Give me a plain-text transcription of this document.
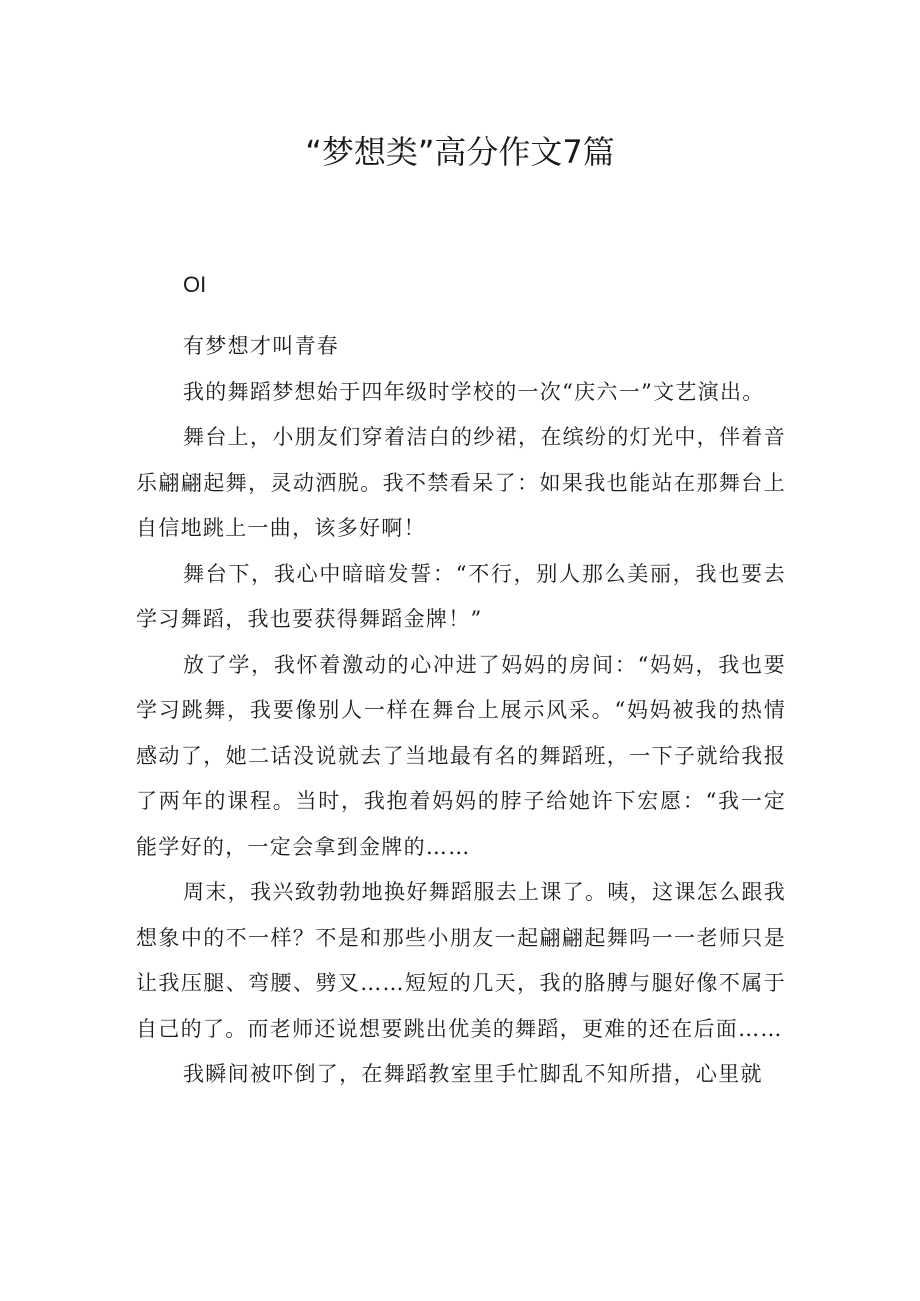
“梦想类”高分作文7篇
OI

有梦想才叫青春

我的舞蹈梦想始于四年级时学校的一次“庆六一”文艺演出。

舞台上，小朋友们穿着洁白的纱裙，在缤纷的灯光中，伴着音乐翩翩起舞，灵动洒脱。我不禁看呆了：如果我也能站在那舞台上自信地跳上一曲，该多好啊！

舞台下，我心中暗暗发誓：“不行，别人那么美丽，我也要去学习舞蹈，我也要获得舞蹈金牌！”

放了学，我怀着激动的心冲进了妈妈的房间：“妈妈，我也要学习跳舞，我要像别人一样在舞台上展示风采。“妈妈被我的热情感动了，她二话没说就去了当地最有名的舞蹈班，一下子就给我报了两年的课程。当时，我抱着妈妈的脖子给她许下宏愿：“我一定能学好的，一定会拿到金牌的……

周末，我兴致勃勃地换好舞蹈服去上课了。咦，这课怎么跟我想象中的不一样？不是和那些小朋友一起翩翩起舞吗一一老师只是让我压腿、弯腰、劈叉……短短的几天，我的胳膊与腿好像不属于自己的了。而老师还说想要跳出优美的舞蹈，更难的还在后面……

我瞬间被吓倒了，在舞蹈教室里手忙脚乱不知所措，心里就
